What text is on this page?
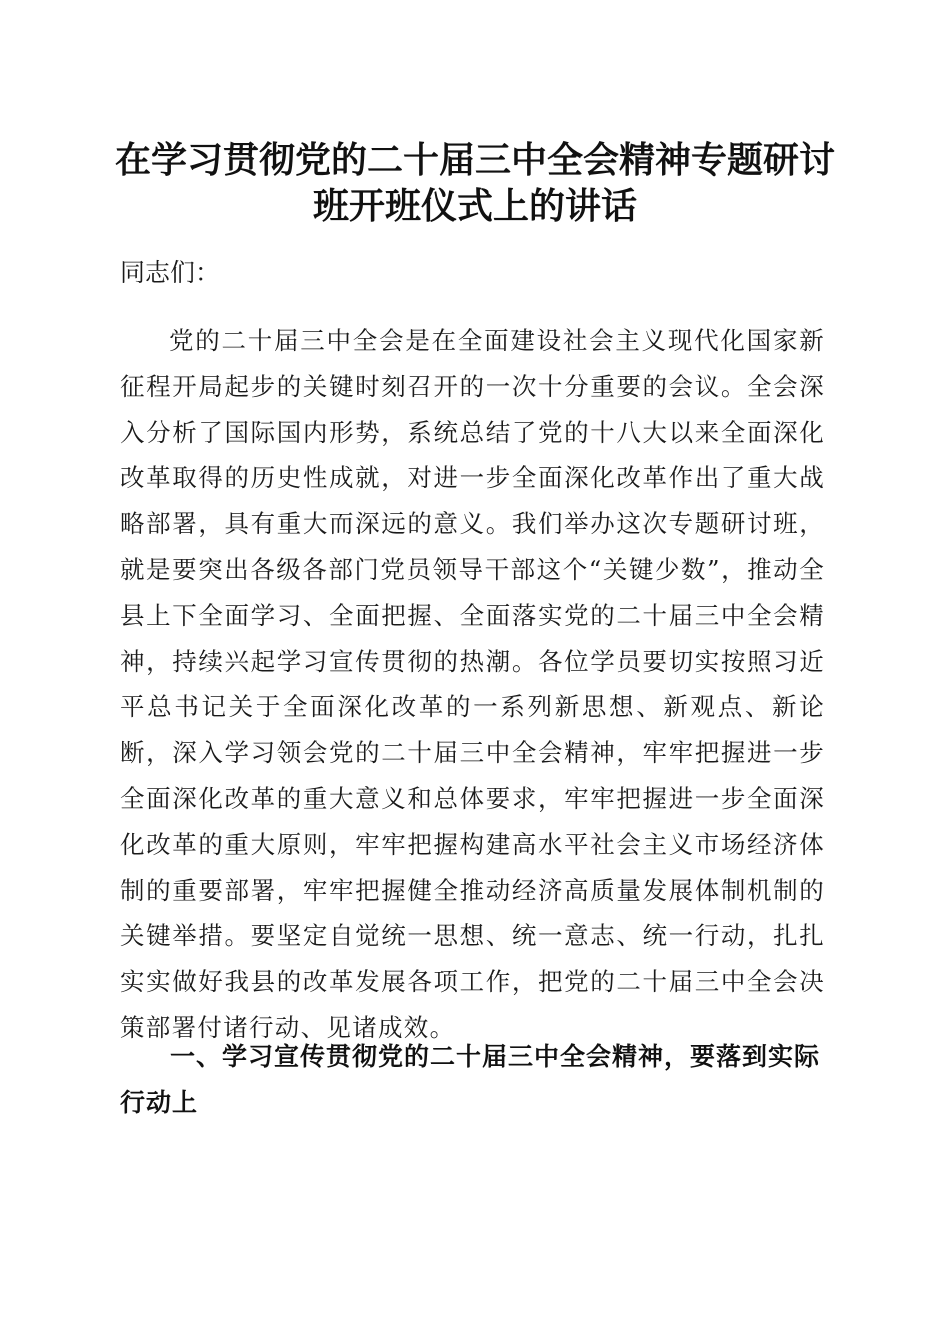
在学习贯彻党的二十届三中全会精神专题研讨
班开班仪式上的讲话
同志们：

党的二十届三中全会是在全面建设社会主义现代化国家新征程开局起步的关键时刻召开的一次十分重要的会议。全会深入分析了国际国内形势，系统总结了党的十八大以来全面深化改革取得的历史性成就，对进一步全面深化改革作出了重大战略部署，具有重大而深远的意义。我们举办这次专题研讨班，就是要突出各级各部门党员领导干部这个“关键少数”，推动全县上下全面学习、全面把握、全面落实党的二十届三中全会精神，持续兴起学习宣传贯彻的热潮。各位学员要切实按照习近平总书记关于全面深化改革的一系列新思想、新观点、新论断，深入学习领会党的二十届三中全会精神，牢牢把握进一步全面深化改革的重大意义和总体要求，牢牢把握进一步全面深化改革的重大原则，牢牢把握构建高水平社会主义市场经济体制的重要部署，牢牢把握健全推动经济高质量发展体制机制的关键举措。要坚定自觉统一思想、统一意志、统一行动，扎扎实实做好我县的改革发展各项工作，把党的二十届三中全会决策部署付诸行动、见诸成效。

一、学习宣传贯彻党的二十届三中全会精神，要落到实际行动上
